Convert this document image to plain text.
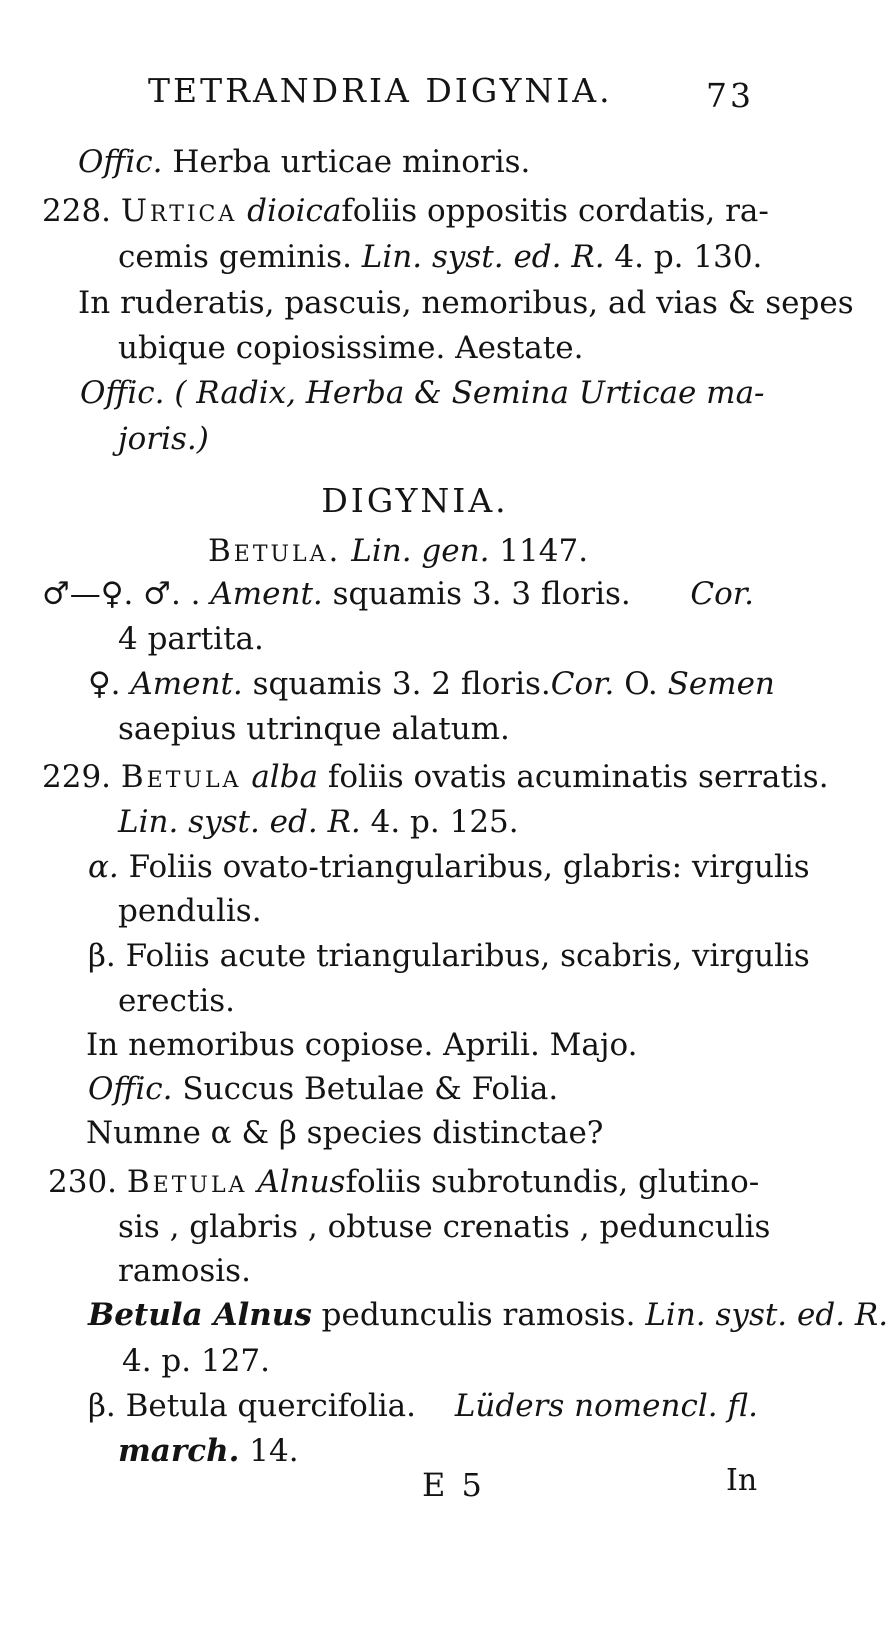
TETRANDRIA DIGYNIA.	73
Offic. Herba urticae minoris.
228. Urtica dioica foliis oppositis cordatis, ra-
cemis geminis. Lin. syst. ed. R. 4. p. 130.
In ruderatis, pascuis, nemoribus, ad vias & sepes
ubique copiosissime. Aestate.
Offic. ( Radix, Herba & Semina Urticae ma-
joris.)
DIGYNIA.
Betula. Lin. gen. 1147.
♂—♀. ♂. . Ament. squamis 3. 3 floris. Cor.
4 partita.
♀. Ament. squamis 3. 2 floris. Cor. O. Semen
saepius utrinque alatum.
229. Betula alba foliis ovatis acuminatis serratis.
Lin. syst. ed. R. 4. p. 125.
α. Foliis ovato-triangularibus, glabris: virgulis
pendulis.
β. Foliis acute triangularibus, scabris, virgulis
erectis.
In nemoribus copiose. Aprili. Majo.
Offic. Succus Betulae & Folia.
Numne α & β species distinctae?
230. Betula Alnus foliis subrotundis, glutino-
sis , glabris , obtuse crenatis , pedunculis
ramosis.
Betula Alnus pedunculis ramosis. Lin. syst. ed. R.
4. p. 127.
β. Betula quercifolia. Lüders nomencl. fl.
march. 14.
E 5	In
